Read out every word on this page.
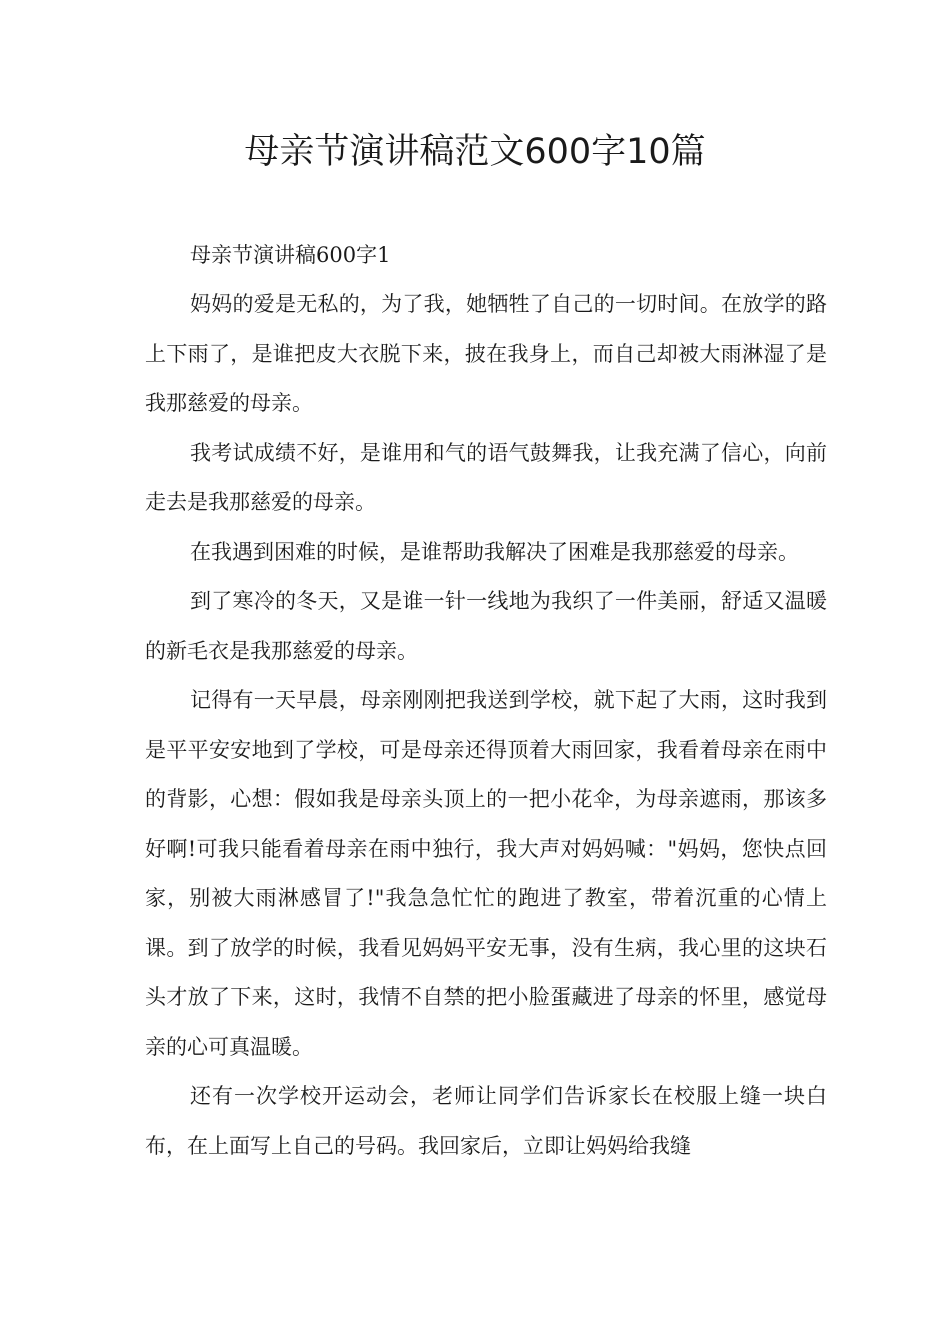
母亲节演讲稿范文600字10篇

母亲节演讲稿600字1

妈妈的爱是无私的，为了我，她牺牲了自己的一切时间。在放学的路上下雨了，是谁把皮大衣脱下来，披在我身上，而自己却被大雨淋湿了是我那慈爱的母亲。

我考试成绩不好，是谁用和气的语气鼓舞我，让我充满了信心，向前走去是我那慈爱的母亲。

在我遇到困难的时候，是谁帮助我解决了困难是我那慈爱的母亲。

到了寒冷的冬天，又是谁一针一线地为我织了一件美丽，舒适又温暖的新毛衣是我那慈爱的母亲。

记得有一天早晨，母亲刚刚把我送到学校，就下起了大雨，这时我到是平平安安地到了学校，可是母亲还得顶着大雨回家，我看着母亲在雨中的背影，心想：假如我是母亲头顶上的一把小花伞，为母亲遮雨，那该多好啊!可我只能看着母亲在雨中独行，我大声对妈妈喊："妈妈，您快点回家，别被大雨淋感冒了!"我急急忙忙的跑进了教室，带着沉重的心情上课。到了放学的时候，我看见妈妈平安无事，没有生病，我心里的这块石头才放了下来，这时，我情不自禁的把小脸蛋藏进了母亲的怀里，感觉母亲的心可真温暖。

还有一次学校开运动会，老师让同学们告诉家长在校服上缝一块白布，在上面写上自己的号码。我回家后，立即让妈妈给我缝
